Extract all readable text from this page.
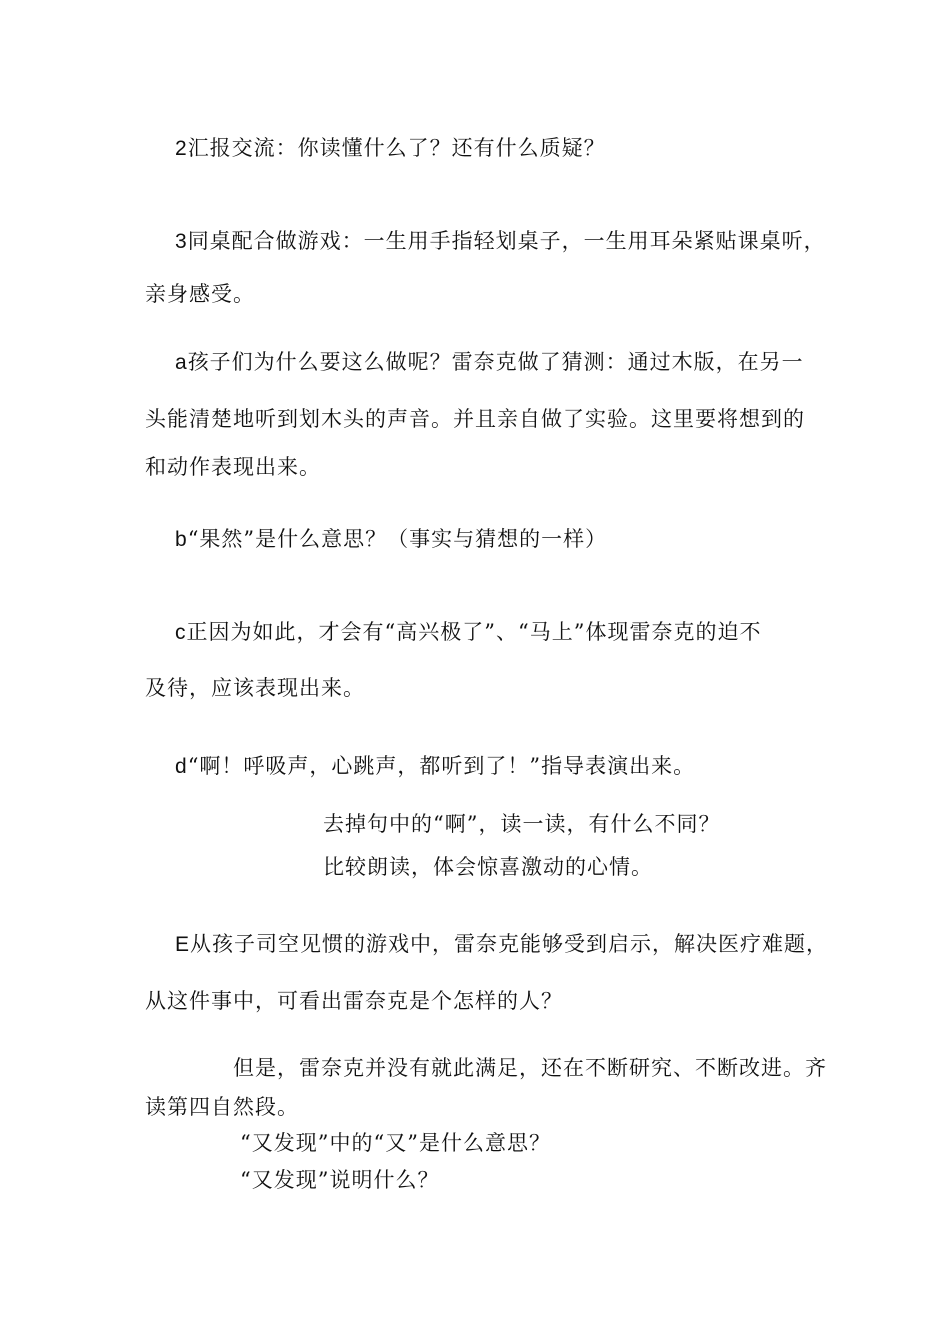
2汇报交流：你读懂什么了？还有什么质疑？
3同桌配合做游戏：一生用手指轻划桌子，一生用耳朵紧贴课桌听，
亲身感受。
a孩子们为什么要这么做呢？雷奈克做了猜测：通过木版，在另一
头能清楚地听到划木头的声音。并且亲自做了实验。这里要将想到的
和动作表现出来。
b“果然”是什么意思？（事实与猜想的一样）
c正因为如此，才会有“高兴极了”、“马上”体现雷奈克的迫不
及待，应该表现出来。
d“啊！呼吸声，心跳声，都听到了！”指导表演出来。
去掉句中的“啊”，读一读，有什么不同？
比较朗读，体会惊喜激动的心情。
E从孩子司空见惯的游戏中，雷奈克能够受到启示，解决医疗难题，
从这件事中，可看出雷奈克是个怎样的人？
但是，雷奈克并没有就此满足，还在不断研究、不断改进。齐
读第四自然段。
“又发现”中的“又”是什么意思？
“又发现”说明什么？
